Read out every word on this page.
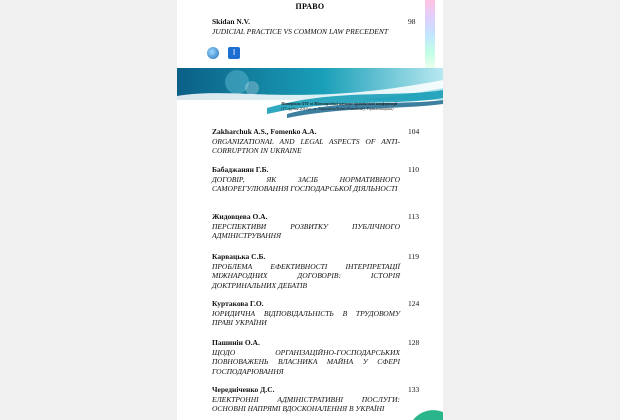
ПРАВО
Skidan N.V.
JUDICIAL PRACTICE VS COMMON LAW PRECEDENT
98
Ⅰ
Матеріали XVI-ої Міжнародної науково-практичної конференції
(17 грудня 2019 р., м. Тернопіль (Ivano-Frankivsk), Тернопільщина)
Zakharchuk A.S., Fomenko A.A.
ORGANIZATIONAL AND LEGAL ASPECTS OF ANTI-CORRUPTION IN UKRAINE
104
Бабаджанян Г.Б.
ДОГОВІР, ЯК ЗАСІБ НОРМАТИВНОГО САМОРЕГУЛЮВАННЯ ГОСПОДАРСЬКОЇ ДІЯЛЬНОСТІ
110
Жидовцева О.А.
ПЕРСПЕКТИВИ РОЗВИТКУ ПУБЛІЧНОГО АДМІНІСТРУВАННЯ
113
Карвацька С.Б.
ПРОБЛЕМА ЕФЕКТИВНОСТІ ІНТЕРПРЕТАЦІЇ МІЖНАРОДНИХ ДОГОВОРІВ: ІСТОРІЯ ДОКТРИНАЛЬНИХ ДЕБАТІВ
119
Куртакова Г.О.
ЮРИДИЧНА ВІДПОВІДАЛЬНІСТЬ В ТРУДОВОМУ ПРАВІ УКРАЇНИ
124
Пашинін О.А.
ЩОДО ОРГАНІЗАЦІЙНО-ГОСПОДАРСЬКИХ ПОВНОВАЖЕНЬ ВЛАСНИКА МАЙНА У СФЕРІ ГОСПОДАРЮВАННЯ
128
Чередніченко Д.С.
ЕЛЕКТРОННІ АДМІНІСТРАТИВНІ ПОСЛУГИ: ОСНОВНІ НАПРЯМІ ВДОСКОНАЛЕННЯ В УКРАЇНІ
133
